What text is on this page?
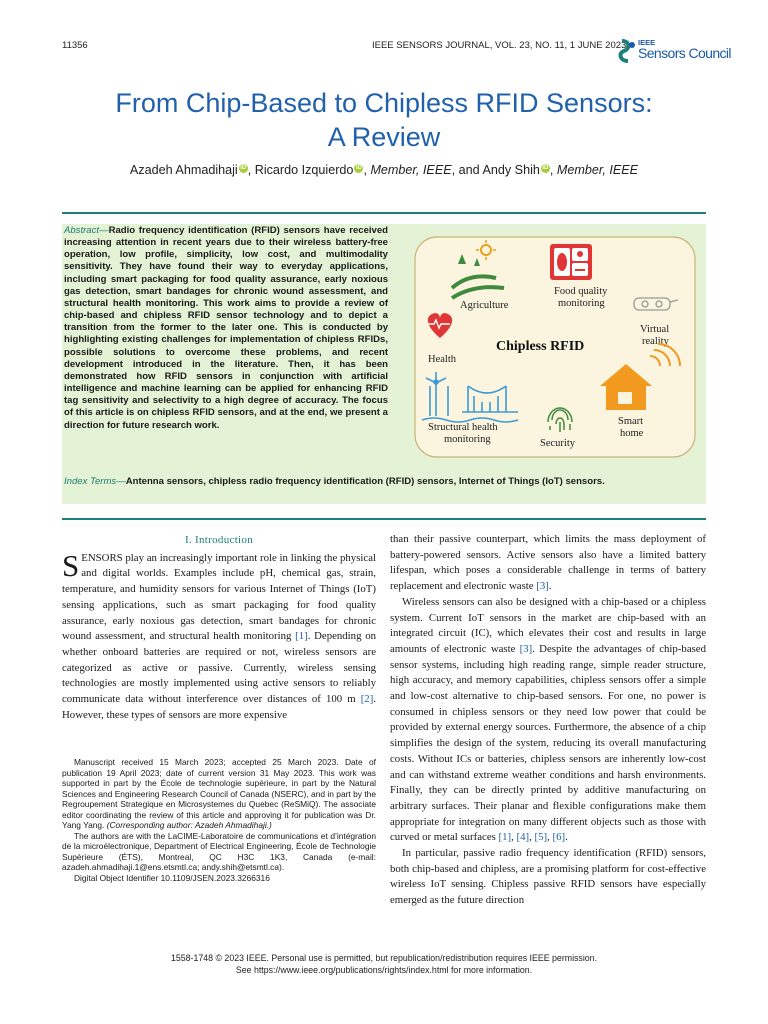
11356	IEEE SENSORS JOURNAL, VOL. 23, NO. 11, 1 JUNE 2023 IEEE
Sensors Council
From Chip-Based to Chipless RFID Sensors:
A Review
Azadeh Ahmadihaji iD , Ricardo Izquierdo iD , Member, IEEE, and Andy Shih iD , Member, IEEE
Abstract—Radio frequency identification (RFID) sensors have received increasing attention in recent years due to their wireless battery-free operation, low profile, simplicity, low cost, and multimodality sensitivity. They have found their way to everyday applications, including smart packaging for food quality assurance, early noxious gas detection, smart bandages for chronic wound assessment, and structural health monitoring. This work aims to provide a review of chip-based and chipless RFID sensor technology and to depict a transition from the former to the later one. This is conducted by highlighting existing challenges for implementation of chipless RFIDs, possible solutions to overcome these problems, and recent development introduced in the literature. Then, it has been demonstrated how RFID sensors in conjunction with artificial intelligence and machine learning can be applied for enhancing RFID tag sensitivity and selectivity to a high degree of accuracy. The focus of this article is on chipless RFID sensors, and at the end, we present a direction for future research work.
Agriculture
Food quality
monitoring
Virtual
reality
Health
Chipless RFID
Structural health
monitoring	Security
Smart
home
Index Terms—Antenna sensors, chipless radio frequency identification (RFID) sensors, Internet of Things (IoT) sensors.
I. Introduction

SENSORS play an increasingly important role in linking the physical and digital worlds. Examples include pH, chemical gas, strain, temperature, and humidity sensors for various Internet of Things (IoT) sensing applications, such as smart packaging for food quality assurance, early noxious gas detection, smart bandages for chronic wound assessment, and structural health monitoring [1]. Depending on whether onboard batteries are required or not, wireless sensors are categorized as active or passive. Currently, wireless sensing technologies are mostly implemented using active sensors to reliably communicate data without interference over distances of 100 m [2]. However, these types of sensors are more expensive

Manuscript received 15 March 2023; accepted 25 March 2023. Date of publication 19 April 2023; date of current version 31 May 2023. This work was supported in part by the École de technologie supérieure, in part by the Natural Sciences and Engineering Research Council of Canada (NSERC), and in part by the Regroupement Strategique en Microsystemes du Quebec (ReSMiQ). The associate editor coordinating the review of this article and approving it for publication was Dr. Yang Yang. (Corresponding author: Azadeh Ahmadihaji.)

The authors are with the LaCIME-Laboratoire de communications et d’intégration de la microélectronique, Department of Electrical Engineering, École de Technologie Supérieure (ÉTS), Montreal, QC H3C 1K3, Canada (e-mail: azadeh.ahmadihaji.1@ens.etsmtl.ca; andy.shih@etsmtl.ca).

Digital Object Identifier 10.1109/JSEN.2023.3266316

than their passive counterpart, which limits the mass deployment of battery-powered sensors. Active sensors also have a limited battery lifespan, which poses a considerable challenge in terms of battery replacement and electronic waste [3].

Wireless sensors can also be designed with a chip-based or a chipless system. Current IoT sensors in the market are chip-based with an integrated circuit (IC), which elevates their cost and results in large amounts of electronic waste [3]. Despite the advantages of chip-based sensor systems, including high reading range, simple reader structure, high accuracy, and memory capabilities, chipless sensors offer a simple and low-cost alternative to chip-based sensors. For one, no power is consumed in chipless sensors or they need low power that could be provided by external energy sources. Furthermore, the absence of a chip simplifies the design of the system, reducing its overall manufacturing costs. Without ICs or batteries, chipless sensors are inherently low-cost and can withstand extreme weather conditions and harsh environments. Finally, they can be directly printed by additive manufacturing on arbitrary surfaces. Their planar and flexible configurations make them appropriate for integration on many different objects such as those with curved or metal surfaces [1], [4], [5], [6].

In particular, passive radio frequency identification (RFID) sensors, both chip-based and chipless, are a promising platform for cost-effective wireless IoT sensing. Chipless passive RFID sensors have especially emerged as the future direction

1558-1748 © 2023 IEEE. Personal use is permitted, but republication/redistribution requires IEEE permission.
See https://www.ieee.org/publications/rights/index.html for more information.
